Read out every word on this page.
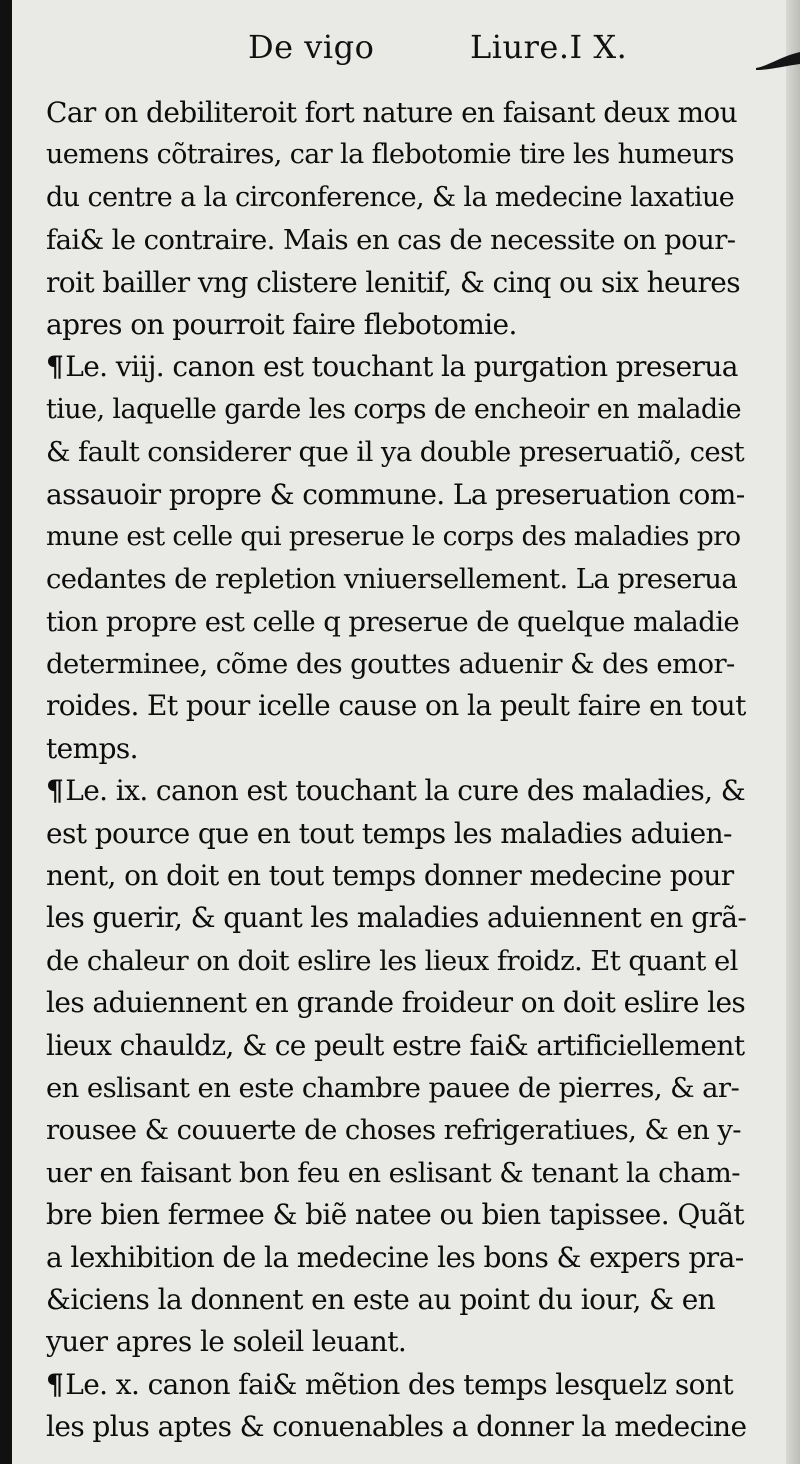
De vigo	Liure.I X.
Car on debiliteroit fort nature en faisant deux mou
uemens cõtraires, car la flebotomie tire les humeurs
du centre a la circonference, & la medecine laxatiue
fai& le contraire. Mais en cas de necessite on pour-
roit bailler vng clistere lenitif, & cinq ou six heures
apres on pourroit faire flebotomie.
¶Le. viij. canon est touchant la purgation preserua
tiue, laquelle garde les corps de encheoir en maladie
& fault considerer que il ya double preseruatiõ, cest
assauoir propre & commune. La preseruation com-
mune est celle qui preserue le corps des maladies pro
cedantes de repletion vniuersellement. La preserua
tion propre est celle q preserue de quelque maladie
determinee, cõme des gouttes aduenir & des emor-
roides. Et pour icelle cause on la peult faire en tout
temps.
¶Le. ix. canon est touchant la cure des maladies, &
est pource que en tout temps les maladies aduien-
nent, on doit en tout temps donner medecine pour
les guerir, & quant les maladies aduiennent en grã-
de chaleur on doit eslire les lieux froidz. Et quant el
les aduiennent en grande froideur on doit eslire les
lieux chauldz, & ce peult estre fai& artificiellement
en eslisant en este chambre pauee de pierres, & ar-
rousee & couuerte de choses refrigeratiues, & en y-
uer en faisant bon feu en eslisant & tenant la cham-
bre bien fermee & biẽ natee ou bien tapissee. Quãt
a lexhibition de la medecine les bons & expers pra-
&iciens la donnent en este au point du iour, & en
yuer apres le soleil leuant.
¶Le. x. canon fai& mẽtion des temps lesquelz sont
les plus aptes & conuenables a donner la medecine
